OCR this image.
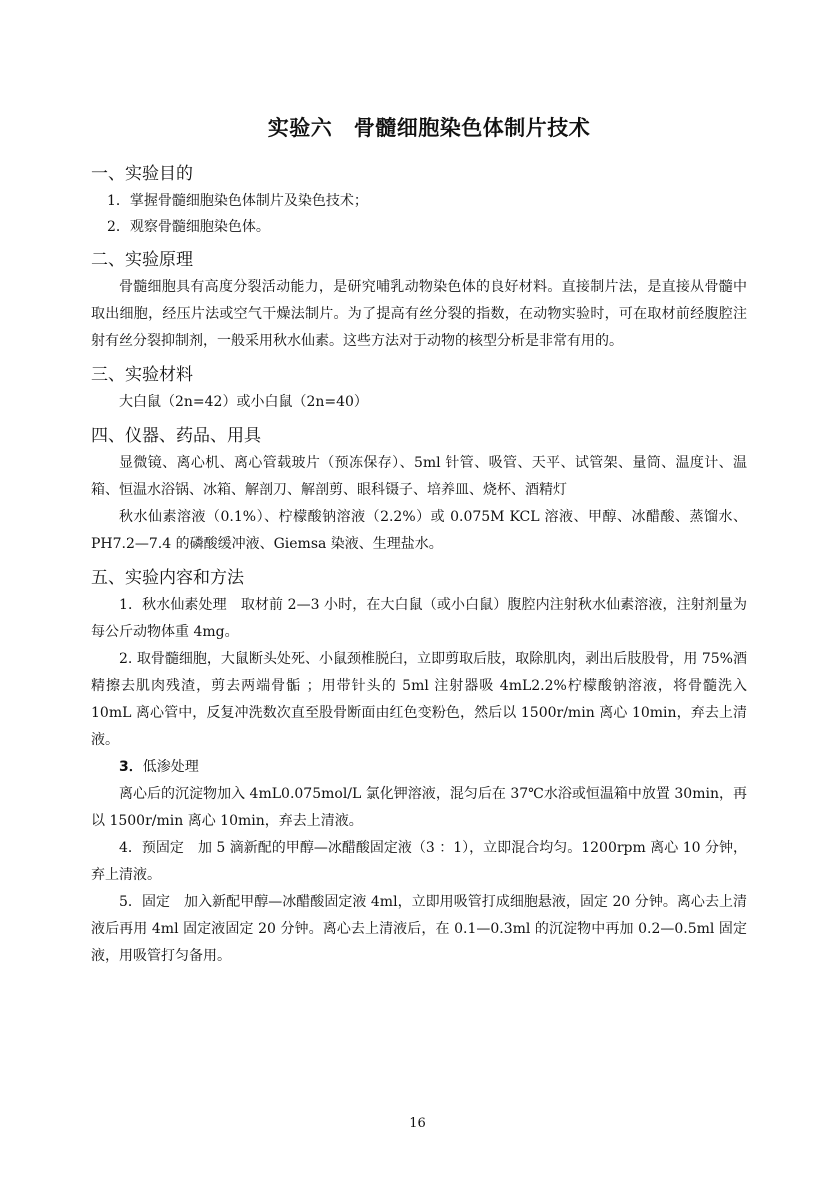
实验六　骨髓细胞染色体制片技术
一、实验目的
1．掌握骨髓细胞染色体制片及染色技术；
2．观察骨髓细胞染色体。
二、实验原理
骨髓细胞具有高度分裂活动能力，是研究哺乳动物染色体的良好材料。直接制片法，是直接从骨髓中取出细胞，经压片法或空气干燥法制片。为了提高有丝分裂的指数，在动物实验时，可在取材前经腹腔注射有丝分裂抑制剂，一般采用秋水仙素。这些方法对于动物的核型分析是非常有用的。
三、实验材料
大白鼠（2n=42）或小白鼠（2n=40）
四、仪器、药品、用具
显微镜、离心机、离心管载玻片（预冻保存）、5ml 针管、吸管、天平、试管架、量筒、温度计、温箱、恒温水浴锅、冰箱、解剖刀、解剖剪、眼科镊子、培养皿、烧杯、酒精灯
秋水仙素溶液（0.1%）、柠檬酸钠溶液（2.2%）或 0.075M KCL 溶液、甲醇、冰醋酸、蒸馏水、PH7.2—7.4 的磷酸缓冲液、Giemsa 染液、生理盐水。
五、实验内容和方法
1．秋水仙素处理　取材前 2—3 小时，在大白鼠（或小白鼠）腹腔内注射秋水仙素溶液，注射剂量为每公斤动物体重 4mg。
2. 取骨髓细胞，大鼠断头处死、小鼠颈椎脱臼，立即剪取后肢，取除肌肉，剥出后肢股骨，用 75%酒精擦去肌肉残渣，剪去两端骨骺 ；用带针头的 5ml 注射器吸 4mL2.2%柠檬酸钠溶液，将骨髓洗入 10mL 离心管中，反复冲洗数次直至股骨断面由红色变粉色，然后以 1500r/min 离心 10min，弃去上清液。
3．低渗处理
离心后的沉淀物加入 4mL0.075mol/L 氯化钾溶液，混匀后在 37℃水浴或恒温箱中放置 30min，再以 1500r/min 离心 10min，弃去上清液。
4．预固定　加 5 滴新配的甲醇—冰醋酸固定液（3 ：1），立即混合均匀。1200rpm 离心 10 分钟，弃上清液。
5．固定　加入新配甲醇—冰醋酸固定液 4ml，立即用吸管打成细胞悬液，固定 20 分钟。离心去上清液后再用 4ml 固定液固定 20 分钟。离心去上清液后，在 0.1—0.3ml 的沉淀物中再加 0.2—0.5ml 固定液，用吸管打匀备用。
16
